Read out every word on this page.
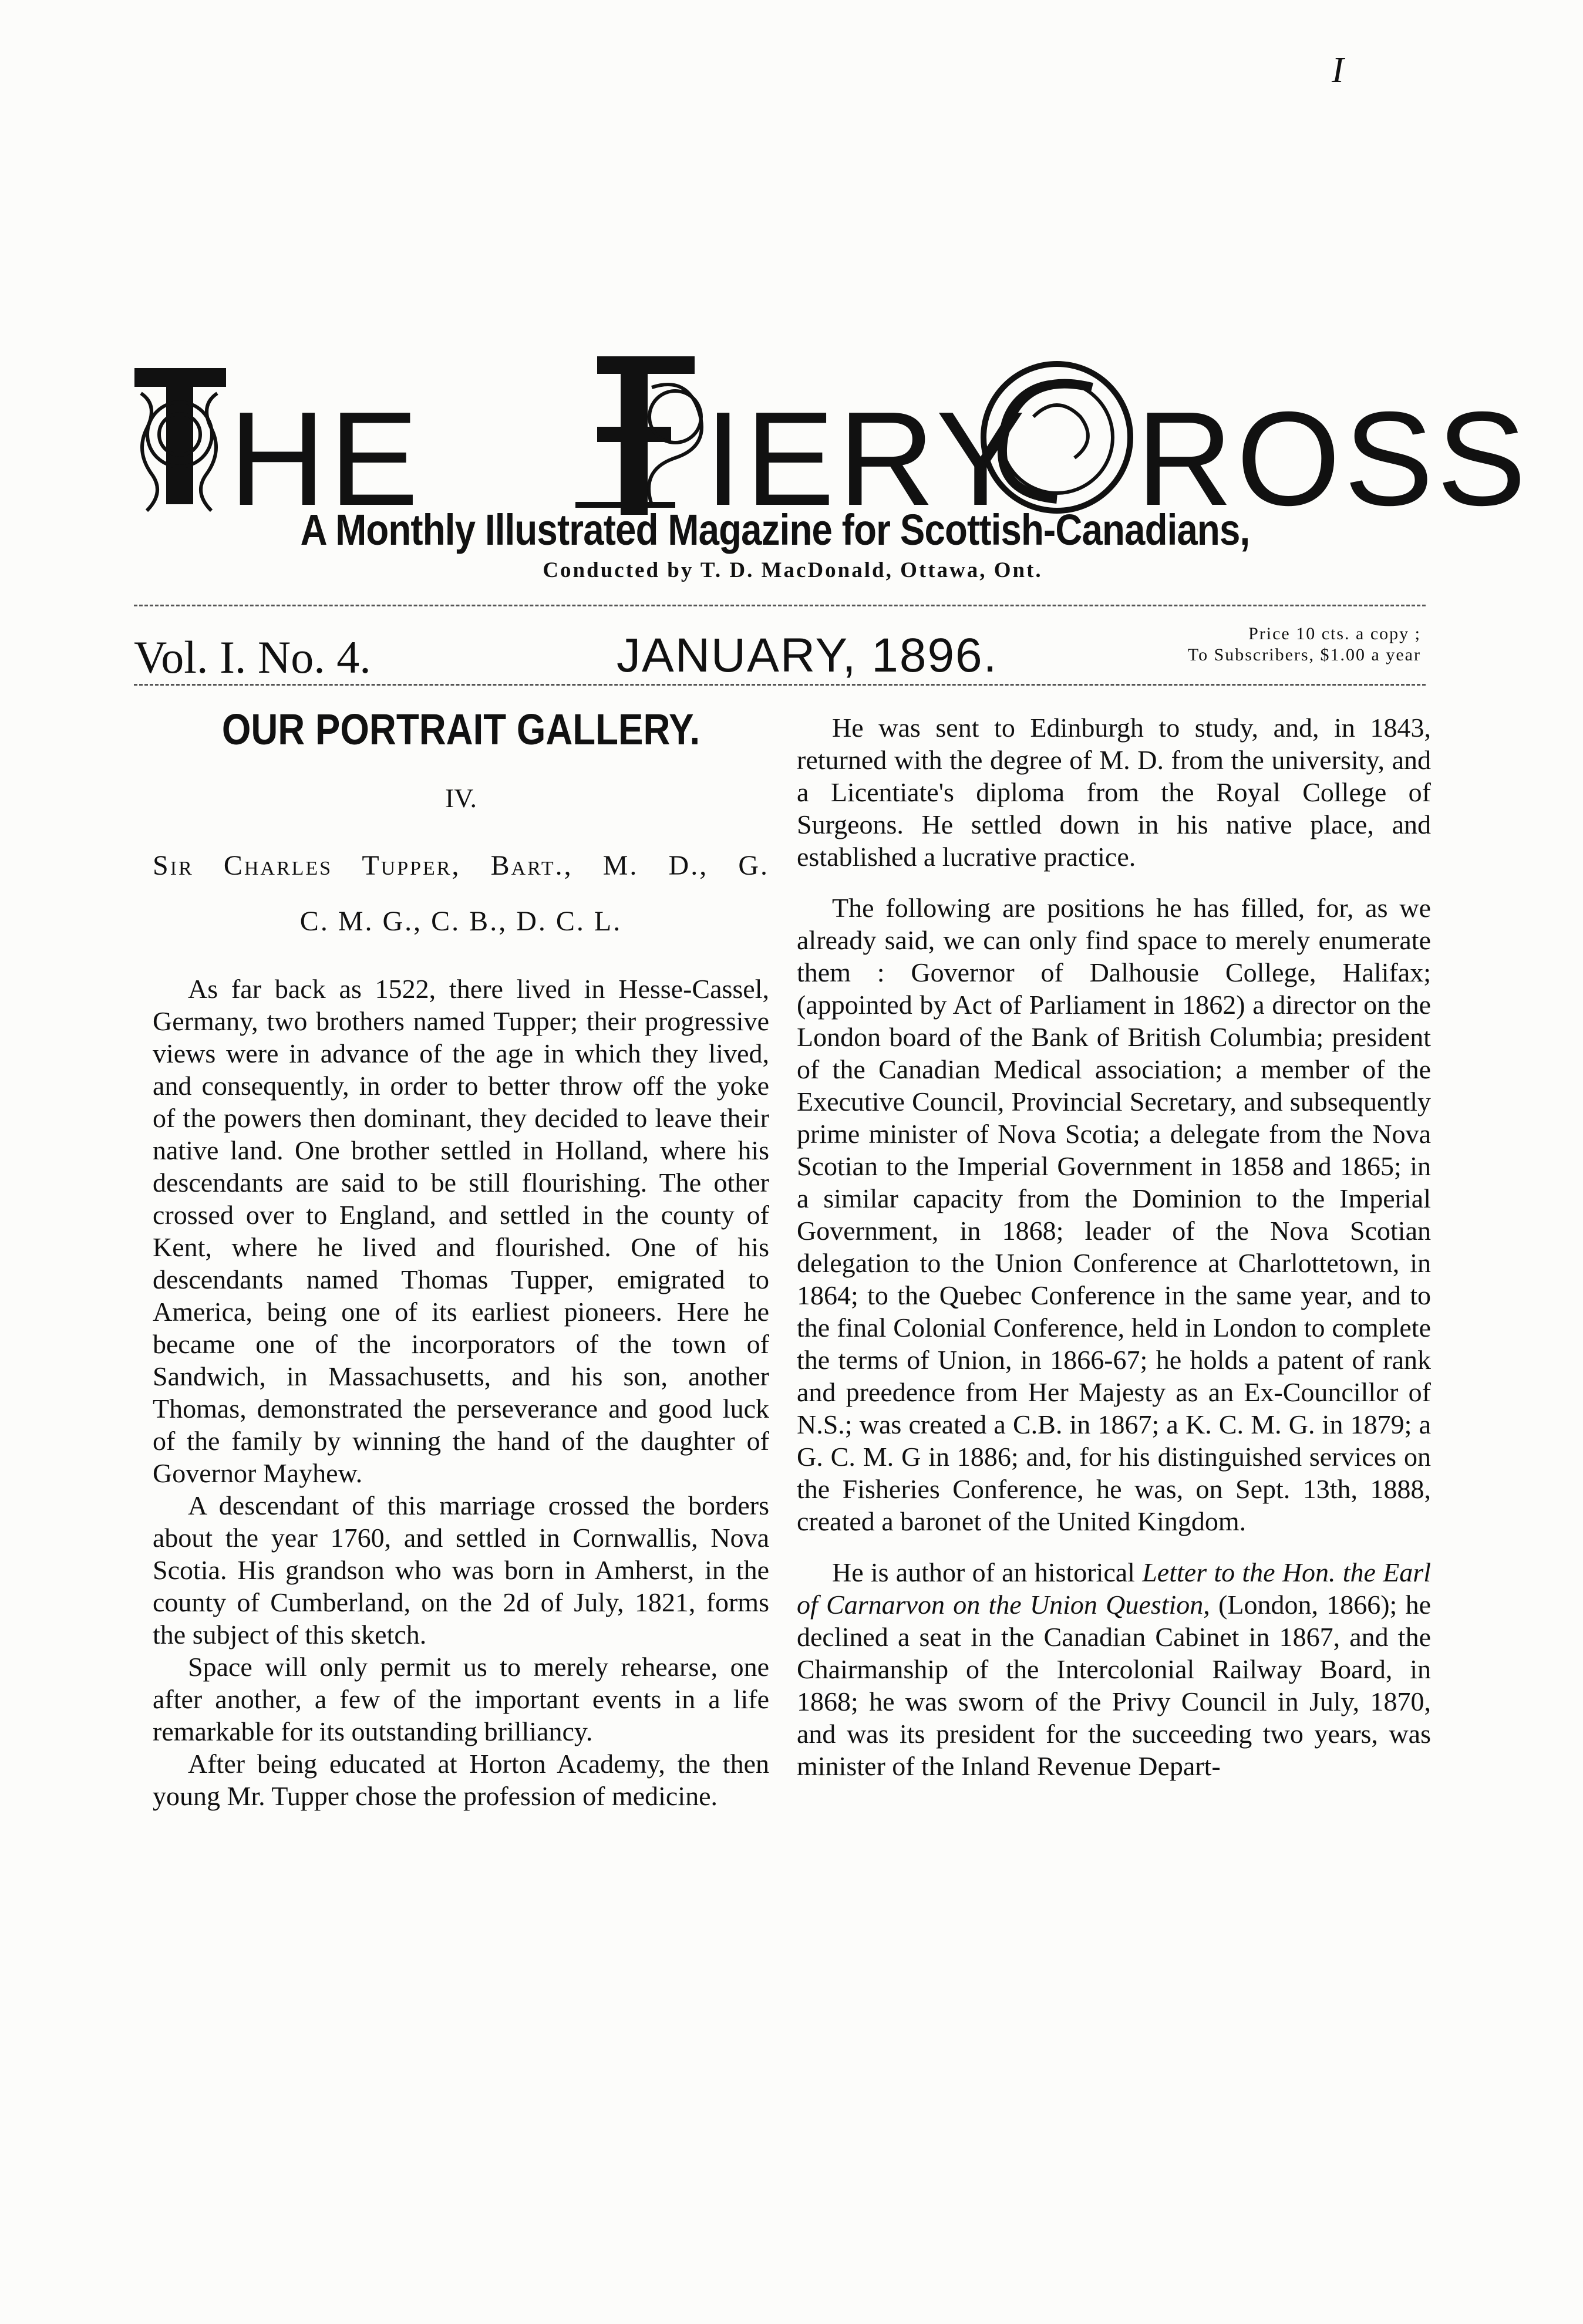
I
HE IERY ROSS
A Monthly Illustrated Magazine for Scottish-Canadians,
Conducted by T. D. MacDonald, Ottawa, Ont.
Vol. I. No. 4.	JANUARY, 1896.	Price 10 cts. a copy ;
To Subscribers, $1.00 a year
OUR PORTRAIT GALLERY.
IV.
Sir Charles Tupper, Bart., M. D., G.
C. M. G., C. B., D. C. L.

As far back as 1522, there lived in Hesse-Cassel, Germany, two brothers named Tupper; their progressive views were in advance of the age in which they lived, and consequently, in order to better throw off the yoke of the powers then dominant, they decided to leave their native land. One brother settled in Holland, where his descendants are said to be still flourishing. The other crossed over to England, and settled in the county of Kent, where he lived and flourished. One of his descendants named Thomas Tupper, emigrated to America, being one of its earliest pioneers. Here he became one of the incorporators of the town of Sandwich, in Massachusetts, and his son, another Thomas, demonstrated the perseverance and good luck of the family by winning the hand of the daughter of Governor Mayhew.

A descendant of this marriage crossed the borders about the year 1760, and settled in Cornwallis, Nova Scotia. His grandson who was born in Amherst, in the county of Cumberland, on the 2d of July, 1821, forms the subject of this sketch.

Space will only permit us to merely rehearse, one after another, a few of the important events in a life remarkable for its outstanding brilliancy.

After being educated at Horton Academy, the then young Mr. Tupper chose the profession of medicine.

He was sent to Edinburgh to study, and, in 1843, returned with the degree of M. D. from the university, and a Licentiate's diploma from the Royal College of Surgeons. He settled down in his native place, and established a lucrative practice.

The following are positions he has filled, for, as we already said, we can only find space to merely enumerate them : Governor of Dalhousie College, Halifax; (appointed by Act of Parliament in 1862) a director on the London board of the Bank of British Columbia; president of the Canadian Medical association; a member of the Executive Council, Provincial Secretary, and subsequently prime minister of Nova Scotia; a delegate from the Nova Scotian to the Imperial Government in 1858 and 1865; in a similar capacity from the Dominion to the Imperial Government, in 1868; leader of the Nova Scotian delegation to the Union Conference at Charlottetown, in 1864; to the Quebec Conference in the same year, and to the final Colonial Conference, held in London to complete the terms of Union, in 1866-67; he holds a patent of rank and preedence from Her Majesty as an Ex-Councillor of N.S.; was created a C.B. in 1867; a K. C. M. G. in 1879; a G. C. M. G in 1886; and, for his distinguished services on the Fisheries Conference, he was, on Sept. 13th, 1888, created a baronet of the United Kingdom.

He is author of an historical Letter to the Hon. the Earl of Carnarvon on the Union Question, (London, 1866); he declined a seat in the Canadian Cabinet in 1867, and the Chairmanship of the Intercolonial Railway Board, in 1868; he was sworn of the Privy Council in July, 1870, and was its president for the succeeding two years, was minister of the Inland Revenue Depart-
